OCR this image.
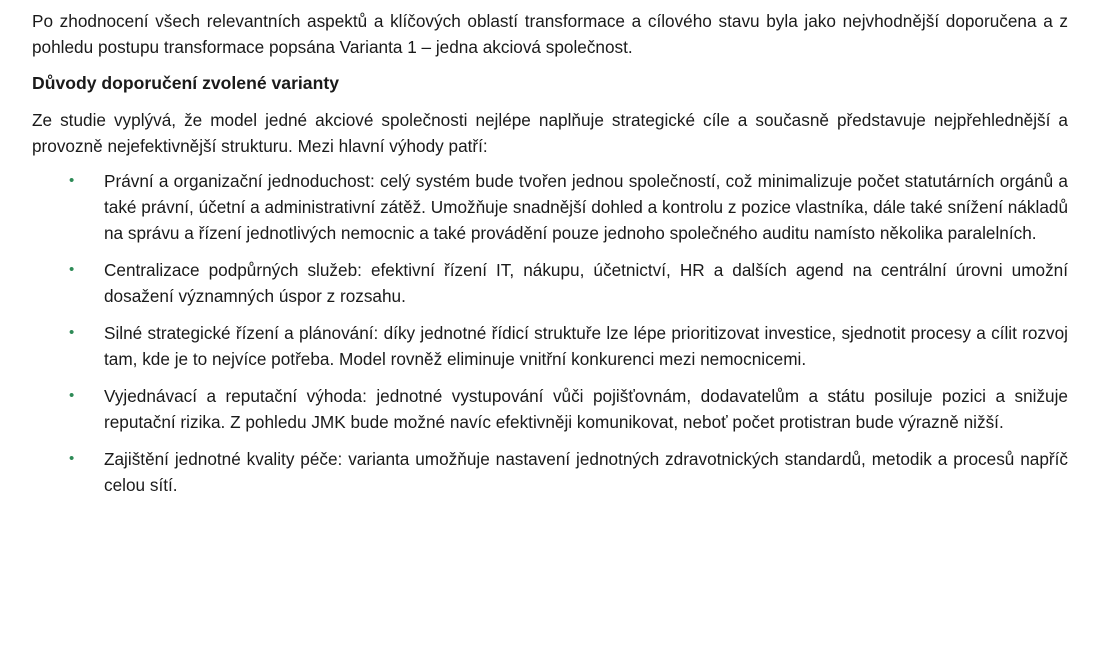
Po zhodnocení všech relevantních aspektů a klíčových oblastí transformace a cílového stavu byla jako nejvhodnější doporučena a z pohledu postupu transformace popsána Varianta 1 – jedna akciová společnost.

Důvody doporučení zvolené varianty

Ze studie vyplývá, že model jedné akciové společnosti nejlépe naplňuje strategické cíle a současně představuje nejpřehlednější a provozně nejefektivnější strukturu. Mezi hlavní výhody patří:

• Právní a organizační jednoduchost: celý systém bude tvořen jednou společností, což minimalizuje počet statutárních orgánů a také právní, účetní a administrativní zátěž. Umožňuje snadnější dohled a kontrolu z pozice vlastníka, dále také snížení nákladů na správu a řízení jednotlivých nemocnic a také provádění pouze jednoho společného auditu namísto několika paralelních.
• Centralizace podpůrných služeb: efektivní řízení IT, nákupu, účetnictví, HR a dalších agend na centrální úrovni umožní dosažení významných úspor z rozsahu.
• Silné strategické řízení a plánování: díky jednotné řídicí struktuře lze lépe prioritizovat investice, sjednotit procesy a cílit rozvoj tam, kde je to nejvíce potřeba. Model rovněž eliminuje vnitřní konkurenci mezi nemocnicemi.
• Vyjednávací a reputační výhoda: jednotné vystupování vůči pojišťovnám, dodavatelům a státu posiluje pozici a snižuje reputační rizika. Z pohledu JMK bude možné navíc efektivněji komunikovat, neboť počet protistran bude výrazně nižší.
• Zajištění jednotné kvality péče: varianta umožňuje nastavení jednotných zdravotnických standardů, metodik a procesů napříč celou sítí.
